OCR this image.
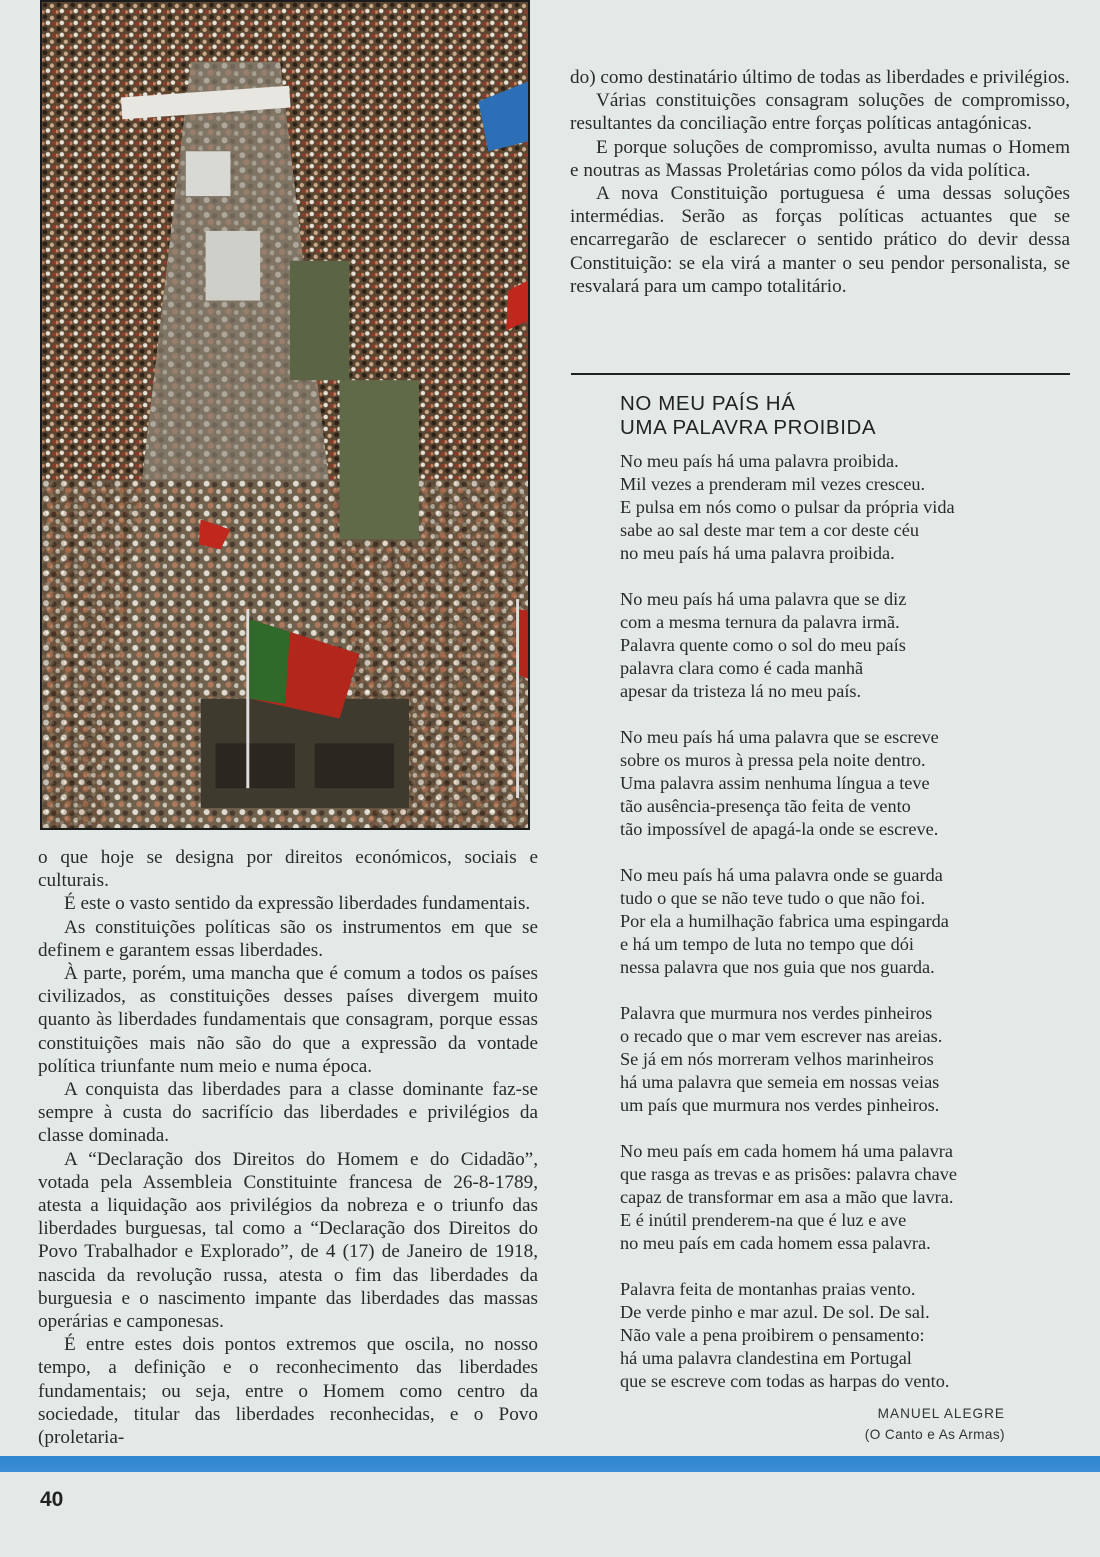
o que hoje se designa por direitos económicos, sociais e culturais.

É este o vasto sentido da expressão liberdades fundamentais.

As constituições políticas são os instrumentos em que se definem e garantem essas liberdades.

À parte, porém, uma mancha que é comum a todos os países civilizados, as constituições desses países divergem muito quanto às liberdades fundamentais que consagram, porque essas constituições mais não são do que a expressão da vontade política triunfante num meio e numa época.

A conquista das liberdades para a classe dominante faz-se sempre à custa do sacrifício das liberdades e privilégios da classe dominada.

A “Declaração dos Direitos do Homem e do Cidadão”, votada pela Assembleia Constituinte francesa de 26-8-1789, atesta a liquidação aos privilégios da nobreza e o triunfo das liberdades burguesas, tal como a “Declaração dos Direitos do Povo Trabalhador e Explorado”, de 4 (17) de Janeiro de 1918, nascida da revolução russa, atesta o fim das liberdades da burguesia e o nascimento impante das liberdades das massas operárias e camponesas.

É entre estes dois pontos extremos que oscila, no nosso tempo, a definição e o reconhecimento das liberdades fundamentais; ou seja, entre o Homem como centro da sociedade, titular das liberdades reconhecidas, e o Povo (proletaria-

do) como destinatário último de todas as liberdades e privilégios.

Várias constituições consagram soluções de compromisso, resultantes da conciliação entre forças políticas antagónicas.

E porque soluções de compromisso, avulta numas o Homem e noutras as Massas Proletárias como pólos da vida política.

A nova Constituição portuguesa é uma dessas soluções intermédias. Serão as forças políticas actuantes que se encarregarão de esclarecer o sentido prático do devir dessa Constituição: se ela virá a manter o seu pendor personalista, se resvalará para um campo totalitário.

NO MEU PAÍS HÁ
UMA PALAVRA PROIBIDA
No meu país há uma palavra proibida.
Mil vezes a prenderam mil vezes cresceu.
E pulsa em nós como o pulsar da própria vida
sabe ao sal deste mar tem a cor deste céu
no meu país há uma palavra proibida.
No meu país há uma palavra que se diz
com a mesma ternura da palavra irmã.
Palavra quente como o sol do meu país
palavra clara como é cada manhã
apesar da tristeza lá no meu país.
No meu país há uma palavra que se escreve
sobre os muros à pressa pela noite dentro.
Uma palavra assim nenhuma língua a teve
tão ausência-presença tão feita de vento
tão impossível de apagá-la onde se escreve.
No meu país há uma palavra onde se guarda
tudo o que se não teve tudo o que não foi.
Por ela a humilhação fabrica uma espingarda
e há um tempo de luta no tempo que dói
nessa palavra que nos guia que nos guarda.
Palavra que murmura nos verdes pinheiros
o recado que o mar vem escrever nas areias.
Se já em nós morreram velhos marinheiros
há uma palavra que semeia em nossas veias
um país que murmura nos verdes pinheiros.
No meu país em cada homem há uma palavra
que rasga as trevas e as prisões: palavra chave
capaz de transformar em asa a mão que lavra.
E é inútil prenderem-na que é luz e ave
no meu país em cada homem essa palavra.
Palavra feita de montanhas praias vento.
De verde pinho e mar azul. De sol. De sal.
Não vale a pena proibirem o pensamento:
há uma palavra clandestina em Portugal
que se escreve com todas as harpas do vento.
MANUEL ALEGRE
(O Canto e As Armas)
40
